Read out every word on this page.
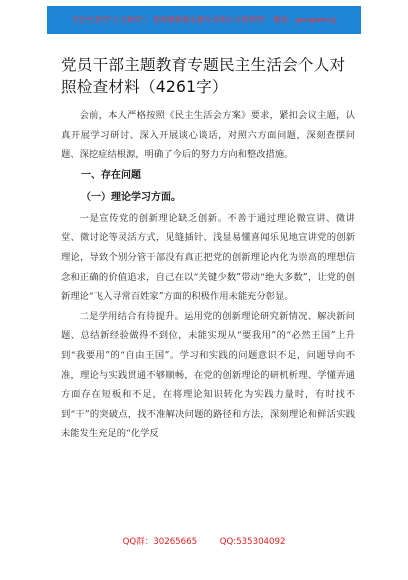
关注头条号"公文研究"，获得最新最全最专业的公文资料库！ 微信：gongwenyj
党员干部主题教育专题民主生活会个人对照检查材料（4261字）

会前，本人严格按照《民主生活会方案》要求，紧扣会议主题，认真开展学习研讨、深入开展谈心谈话，对照六方面问题，深刻查摆问题、深挖症结根源，明确了今后的努力方向和整改措施。

一、存在问题

（一）理论学习方面。

一是宣传党的创新理论缺乏创新。不善于通过理论微宣讲、微讲堂、微讨论等灵活方式，见缝插针、浅显易懂喜闻乐见地宣讲党的创新理论，导致个别分管干部没有真正把党的创新理论内化为崇高的理想信念和正确的价值追求，自己在以“关键少数”带动“绝大多数”，让党的创新理论“飞入寻常百姓家”方面的积极作用未能充分彰显。

二是学用结合有待提升。运用党的创新理论研究新情况、解决新问题、总结新经验做得不到位，未能实现从“要我用”的“必然王国”上升到“我要用”的“自由王国”。学习和实践的问题意识不足，问题导向不准，理论与实践贯通不够顺畅，在党的创新理论的研机析理、学懂弄通方面存在短板和不足，在将理论知识转化为实践力量时，有时找不到“干”的突破点，找不准解决问题的路径和方法，深刻理论和鲜活实践未能发生充足的“化学反

QQ群：30265665	QQ:535304092
